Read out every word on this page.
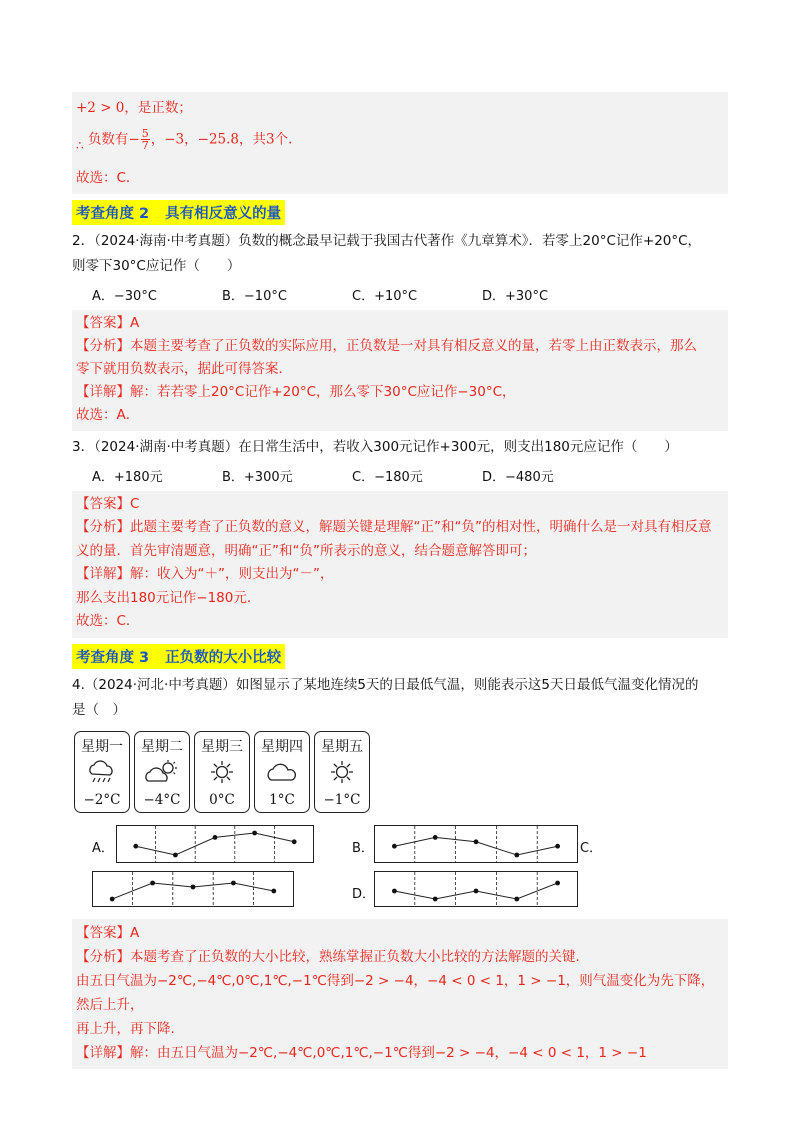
+2 > 0，是正数；
∴ 负数有− $\frac{5}{7}$ ，−3，−25.8，共3个.
故选：C．
考查角度 2 具有相反意义的量
2．（2024·海南·中考真题）负数的概念最早记载于我国古代著作《九章算术》．若零上20°C记作+20°C，
则零下30°C应记作（　　）
A．−30°C	B．−10°C	C．+10°C	D．+30°C
【答案】A
【分析】本题主要考查了正负数的实际应用，正负数是一对具有相反意义的量，若零上由正数表示，那么
零下就用负数表示，据此可得答案．
【详解】解：若若零上20°C记作+20°C，那么零下30°C应记作−30°C，
故选：A．
3．（2024·湖南·中考真题）在日常生活中，若收入300元记作+300元，则支出180元应记作（　　）
A．+180元	B．+300元	C．−180元	D．−480元
【答案】C
【分析】此题主要考查了正负数的意义，解题关键是理解“正”和“负”的相对性，明确什么是一对具有相反意
义的量．首先审清题意，明确“正”和“负”所表示的意义，结合题意解答即可；
【详解】解：收入为“＋”，则支出为“－”，
那么支出180元记作−180元．
故选：C．
考查角度 3 正负数的大小比较
4.（2024·河北·中考真题）如图显示了某地连续5天的日最低气温，则能表示这5天日最低气温变化情况的
是（　）
星期一
−2°C
星期二
−4°C
星期三
0°C
星期四
1°C
星期五
−1°C
A．	B．	C．
D．
【答案】A
【分析】本题考查了正负数的大小比较，熟练掌握正负数大小比较的方法解题的关键．
由五日气温为−2℃,−4℃,0℃,1℃,−1℃得到−2 > −4，−4 < 0 < 1，1 > −1，则气温变化为先下降，然后上升，
再上升，再下降．
【详解】解：由五日气温为−2℃,−4℃,0℃,1℃,−1℃得到−2 > −4，−4 < 0 < 1，1 > −1
